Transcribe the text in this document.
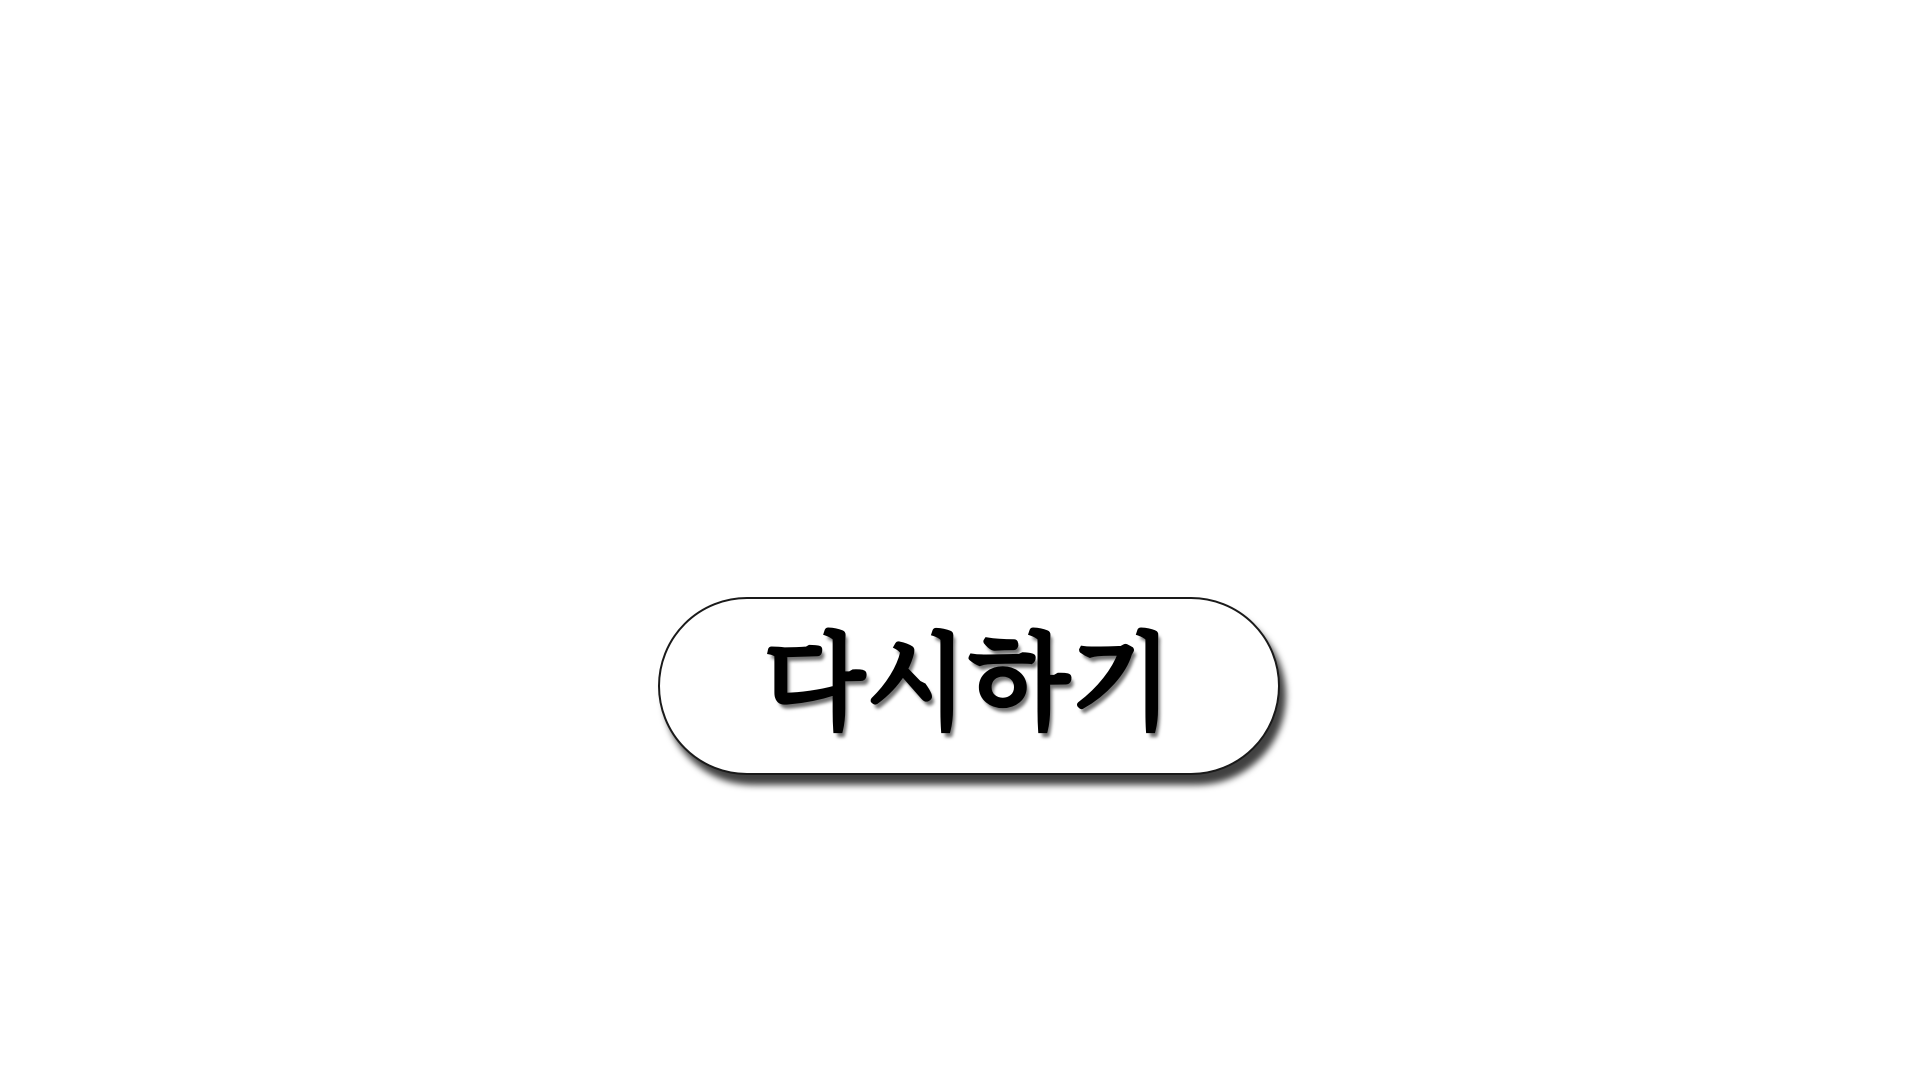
다시하기
